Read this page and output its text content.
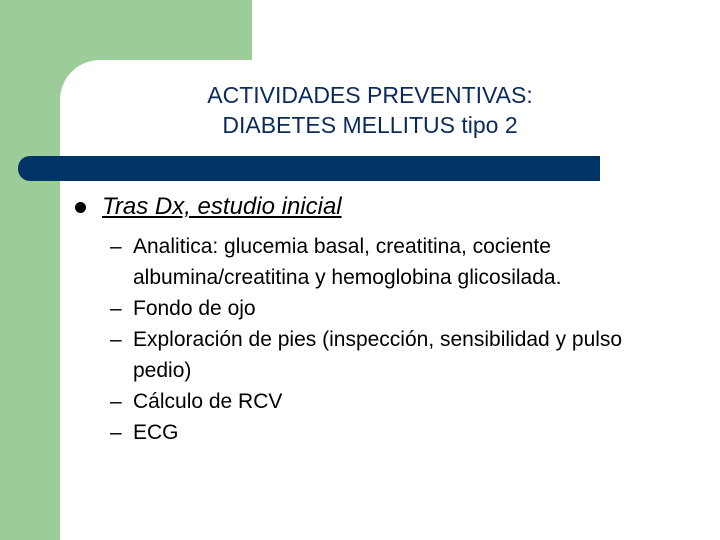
ACTIVIDADES PREVENTIVAS:
DIABETES MELLITUS tipo 2
Tras Dx, estudio inicial
– Analitica: glucemia basal, creatitina, cociente albumina/creatitina y hemoglobina glicosilada.
– Fondo de ojo
– Exploración de pies (inspección, sensibilidad y pulso pedio)
– Cálculo de RCV
– ECG
